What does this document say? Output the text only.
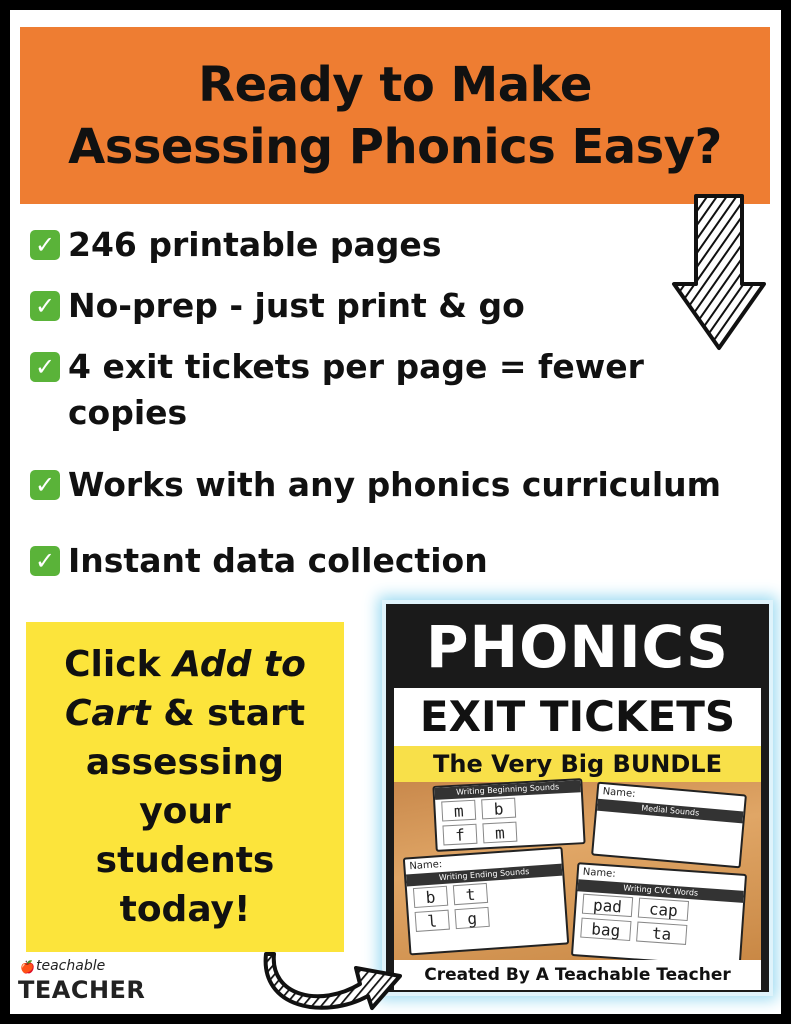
Ready to Make
Assessing Phonics Easy?
✓ 246 printable pages
✓ No-prep - just print & go
✓ 4 exit tickets per page = fewer copies
✓ Works with any phonics curriculum
✓ Instant data collection
Click Add to
Cart & start
assessing
your
students
today!
PHONICS
EXIT TICKETS
The Very Big BUNDLE
Writing Beginning Sounds
m	b
f	m
Name:
Medial Sounds
Name:
Writing Ending Sounds
b	t
l	g
Name:
Writing CVC Words
pad	cap
bag	ta
Created By A Teachable Teacher
🍎 teachable
TEACHER
